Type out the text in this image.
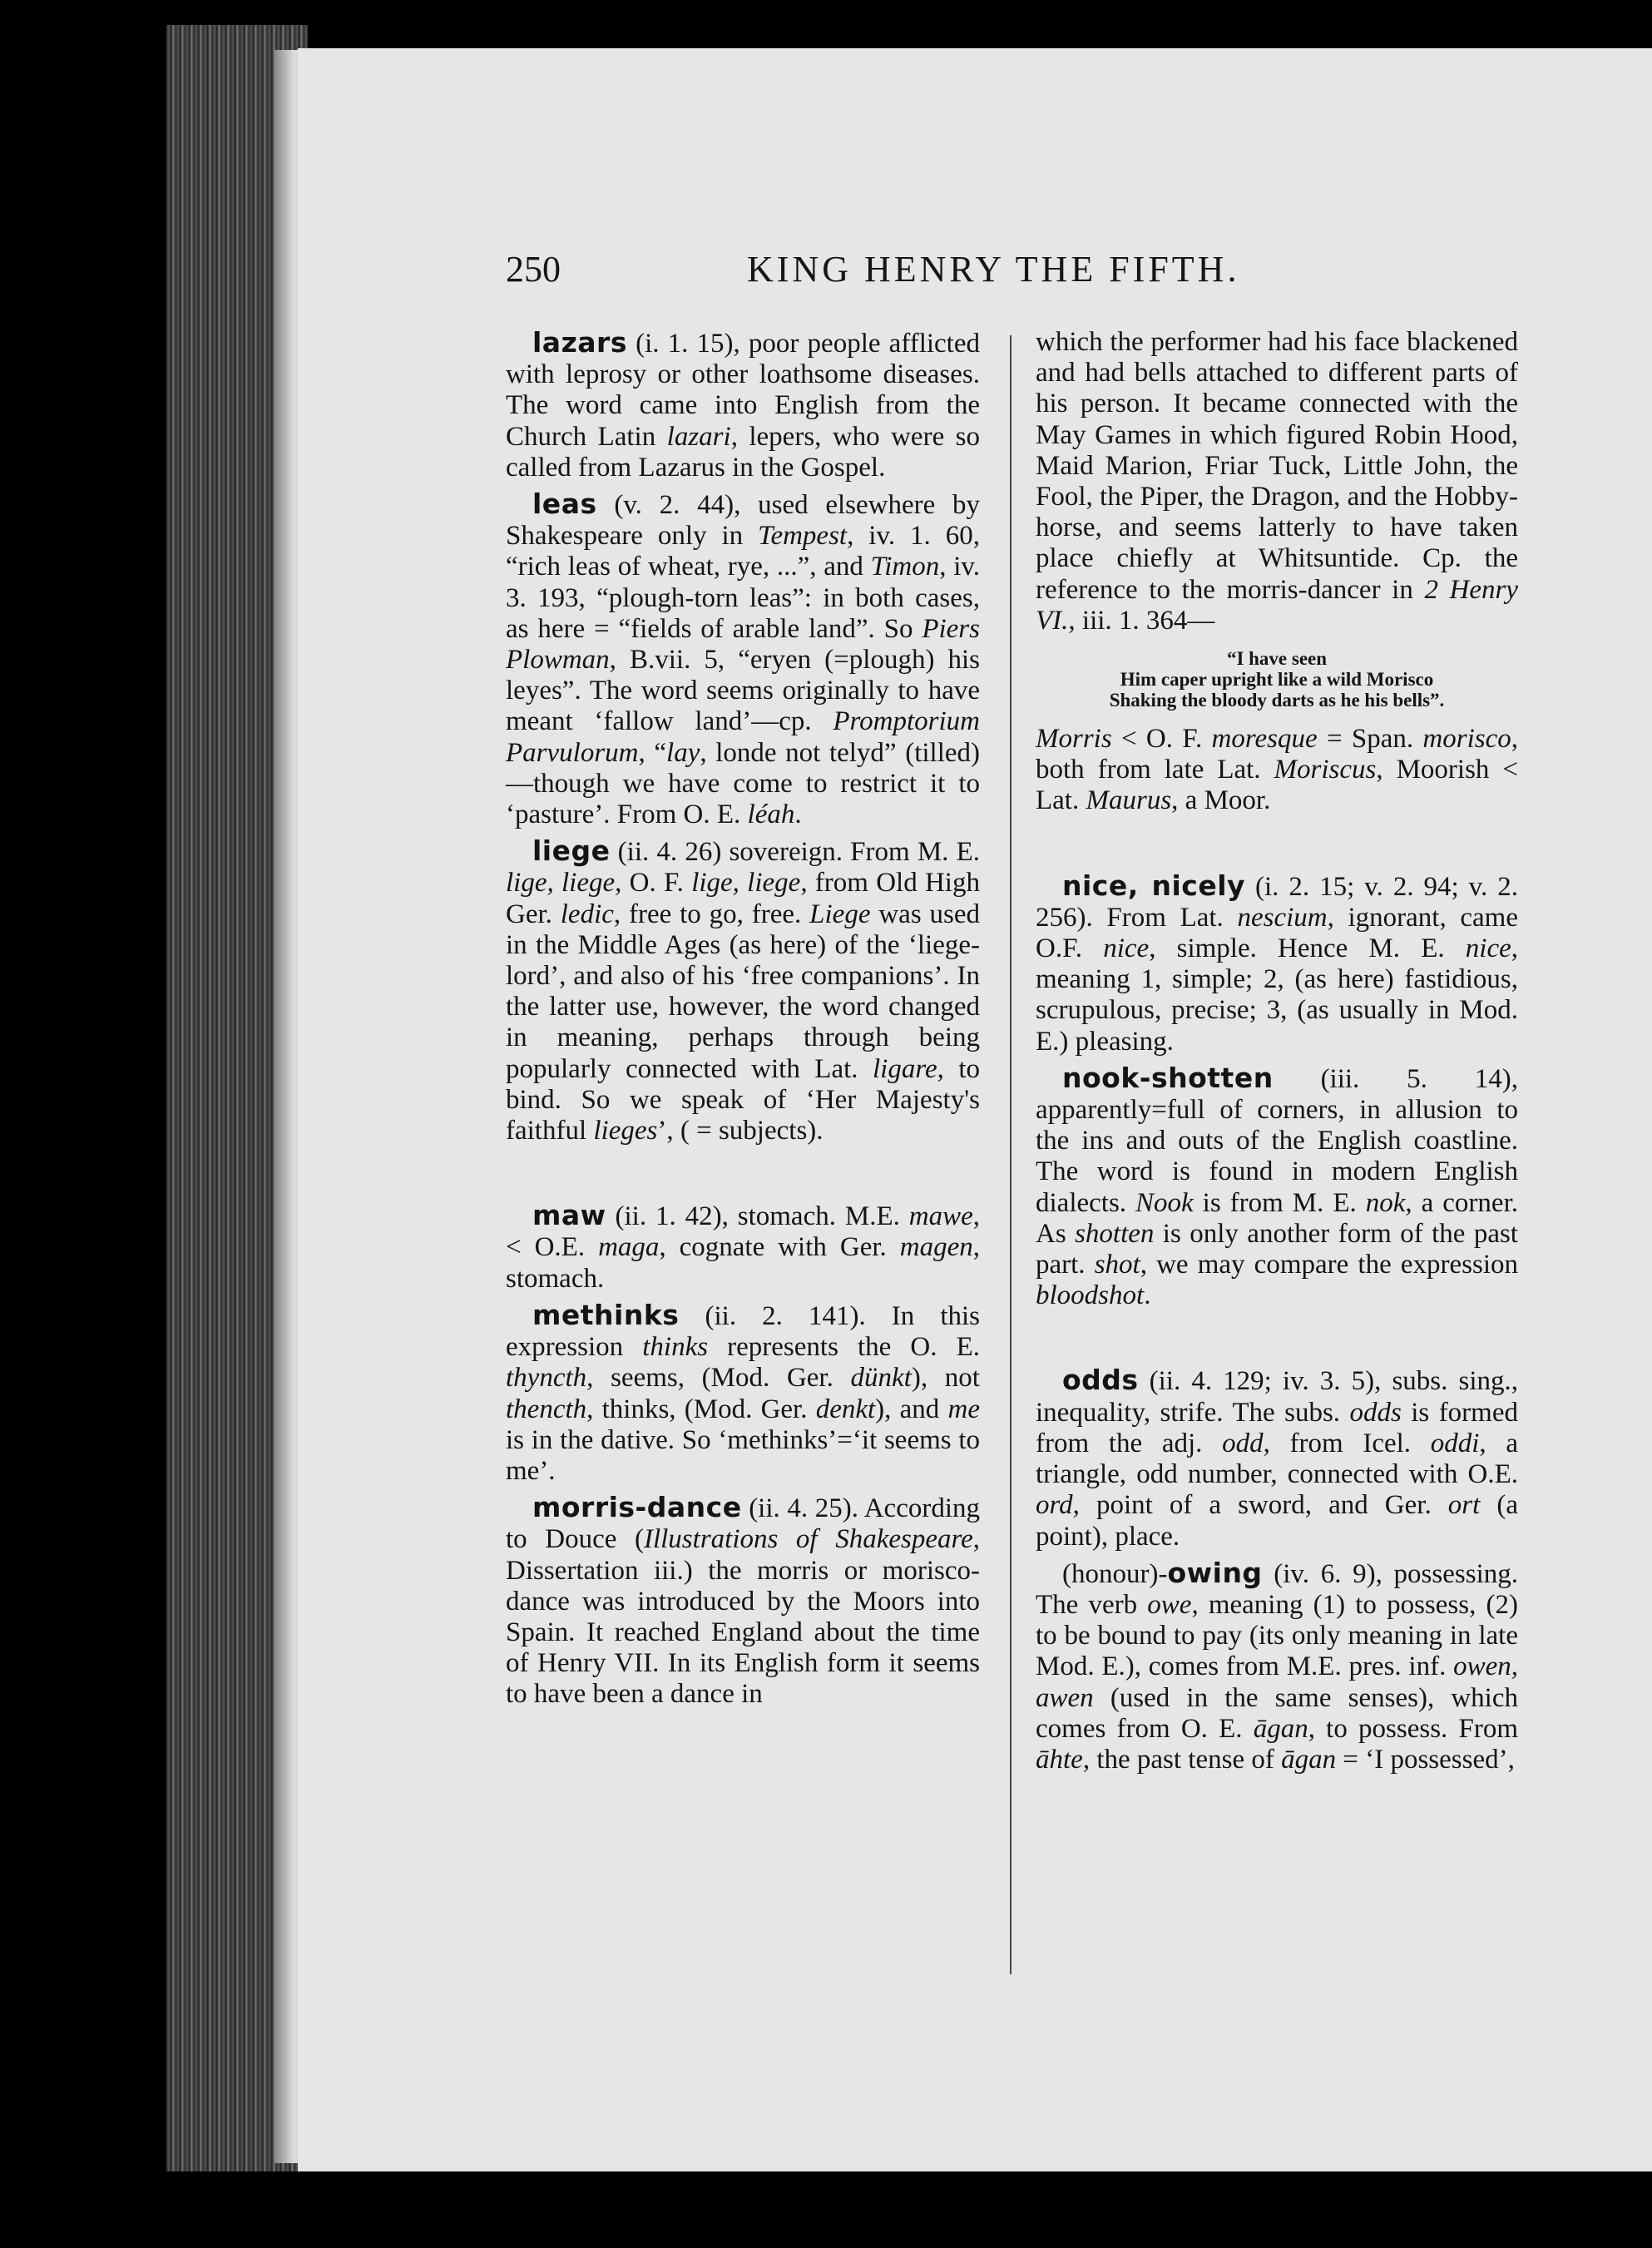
250	KING HENRY THE FIFTH.

lazars (i. 1. 15), poor people afflicted with leprosy or other loathsome diseases. The word came into English from the Church Latin lazari, lepers, who were so called from Lazarus in the Gospel.

leas (v. 2. 44), used elsewhere by Shakespeare only in Tempest, iv. 1. 60, “rich leas of wheat, rye, ...”, and Timon, iv. 3. 193, “plough-torn leas”: in both cases, as here = “fields of arable land”. So Piers Plowman, B.vii. 5, “eryen (=plough) his leyes”. The word seems originally to have meant ‘fallow land’—cp. Promptorium Parvulorum, “lay, londe not telyd” (tilled)—though we have come to restrict it to ‘pasture’. From O. E. léah.

liege (ii. 4. 26) sovereign. From M. E. lige, liege, O. F. lige, liege, from Old High Ger. ledic, free to go, free. Liege was used in the Middle Ages (as here) of the ‘liege-lord’, and also of his ‘free companions’. In the latter use, however, the word changed in meaning, perhaps through being popularly connected with Lat. ligare, to bind. So we speak of ‘Her Majesty's faithful lieges’, ( = subjects).

maw (ii. 1. 42), stomach. M.E. mawe, < O.E. maga, cognate with Ger. magen, stomach.

methinks (ii. 2. 141). In this expression thinks represents the O. E. thyncth, seems, (Mod. Ger. dünkt), not thencth, thinks, (Mod. Ger. denkt), and me is in the dative. So ‘methinks’=‘it seems to me’.

morris-dance (ii. 4. 25). According to Douce (Illustrations of Shakespeare, Dissertation iii.) the morris or morisco-dance was introduced by the Moors into Spain. It reached England about the time of Henry VII. In its English form it seems to have been a dance in

which the performer had his face blackened and had bells attached to different parts of his person. It became connected with the May Games in which figured Robin Hood, Maid Marion, Friar Tuck, Little John, the Fool, the Piper, the Dragon, and the Hobby-horse, and seems latterly to have taken place chiefly at Whitsuntide. Cp. the reference to the morris-dancer in 2 Henry VI., iii. 1. 364—

“I have seen
Him caper upright like a wild Morisco
Shaking the bloody darts as he his bells”.

Morris < O. F. moresque = Span. morisco, both from late Lat. Moriscus, Moorish < Lat. Maurus, a Moor.

nice, nicely (i. 2. 15; v. 2. 94; v. 2. 256). From Lat. nescium, ignorant, came O.F. nice, simple. Hence M. E. nice, meaning 1, simple; 2, (as here) fastidious, scrupulous, precise; 3, (as usually in Mod. E.) pleasing.

nook-shotten (iii. 5. 14), apparently=full of corners, in allusion to the ins and outs of the English coastline. The word is found in modern English dialects. Nook is from M. E. nok, a corner. As shotten is only another form of the past part. shot, we may compare the expression bloodshot.

odds (ii. 4. 129; iv. 3. 5), subs. sing., inequality, strife. The subs. odds is formed from the adj. odd, from Icel. oddi, a triangle, odd number, connected with O.E. ord, point of a sword, and Ger. ort (a point), place.

(honour)-owing (iv. 6. 9), possessing. The verb owe, meaning (1) to possess, (2) to be bound to pay (its only meaning in late Mod. E.), comes from M.E. pres. inf. owen, awen (used in the same senses), which comes from O. E. āgan, to possess. From āhte, the past tense of āgan = ‘I possessed’,
